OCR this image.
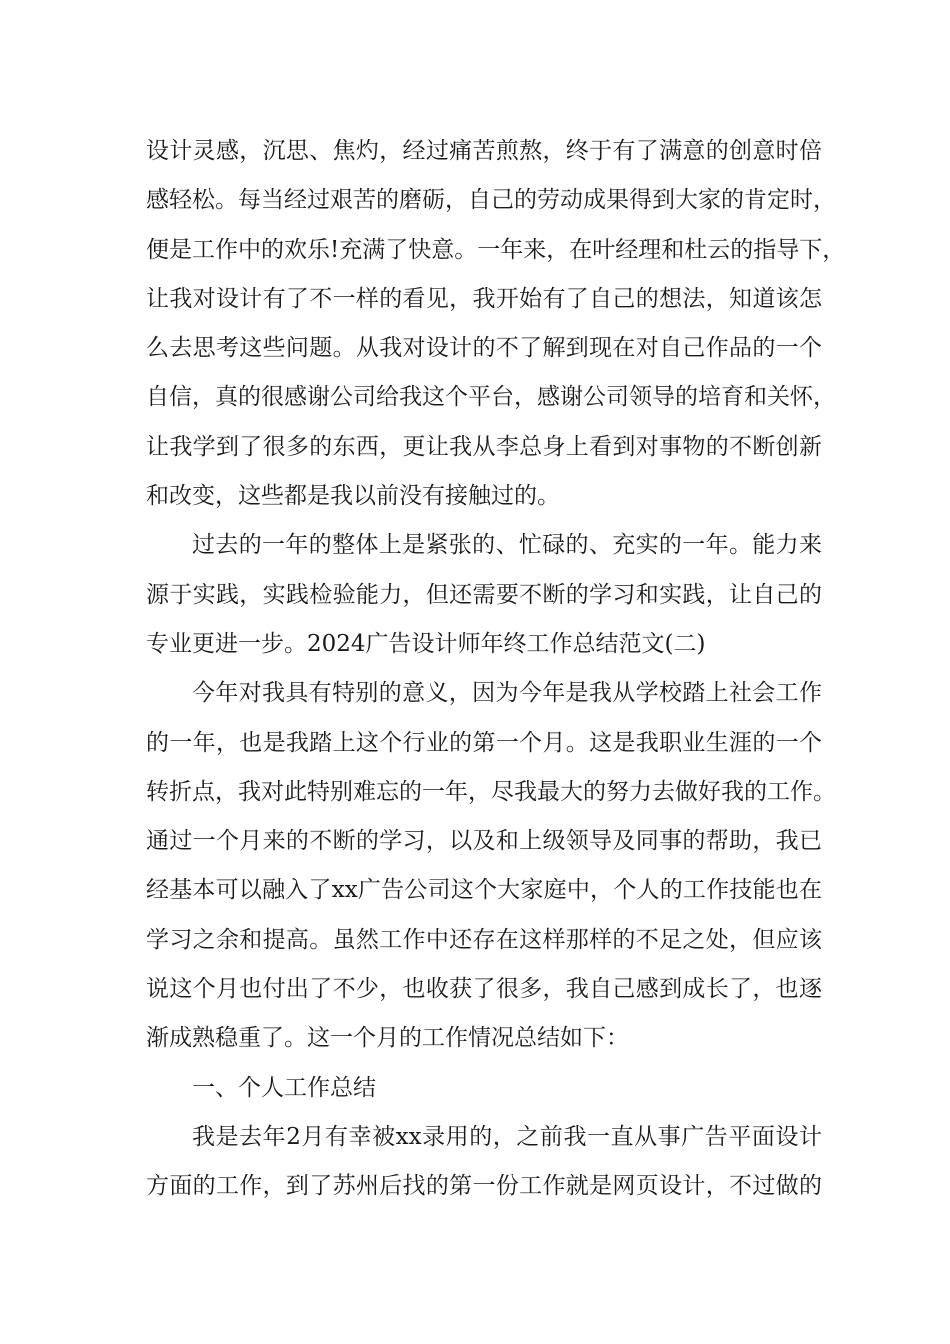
设计灵感，沉思、焦灼，经过痛苦煎熬，终于有了满意的创意时倍
感轻松。每当经过艰苦的磨砺，自己的劳动成果得到大家的肯定时，
便是工作中的欢乐!充满了快意。一年来，在叶经理和杜云的指导下，
让我对设计有了不一样的看见，我开始有了自己的想法，知道该怎
么去思考这些问题。从我对设计的不了解到现在对自己作品的一个
自信，真的很感谢公司给我这个平台，感谢公司领导的培育和关怀，
让我学到了很多的东西，更让我从李总身上看到对事物的不断创新
和改变，这些都是我以前没有接触过的。
过去的一年的整体上是紧张的、忙碌的、充实的一年。能力来
源于实践，实践检验能力，但还需要不断的学习和实践，让自己的
专业更进一步。2024广告设计师年终工作总结范文(二)
今年对我具有特别的意义，因为今年是我从学校踏上社会工作
的一年，也是我踏上这个行业的第一个月。这是我职业生涯的一个
转折点，我对此特别难忘的一年，尽我最大的努力去做好我的工作。
通过一个月来的不断的学习，以及和上级领导及同事的帮助，我已
经基本可以融入了xx广告公司这个大家庭中，个人的工作技能也在
学习之余和提高。虽然工作中还存在这样那样的不足之处，但应该
说这个月也付出了不少，也收获了很多，我自己感到成长了，也逐
渐成熟稳重了。这一个月的工作情况总结如下：
一、个人工作总结
我是去年2月有幸被xx录用的，之前我一直从事广告平面设计
方面的工作，到了苏州后找的第一份工作就是网页设计，不过做的
